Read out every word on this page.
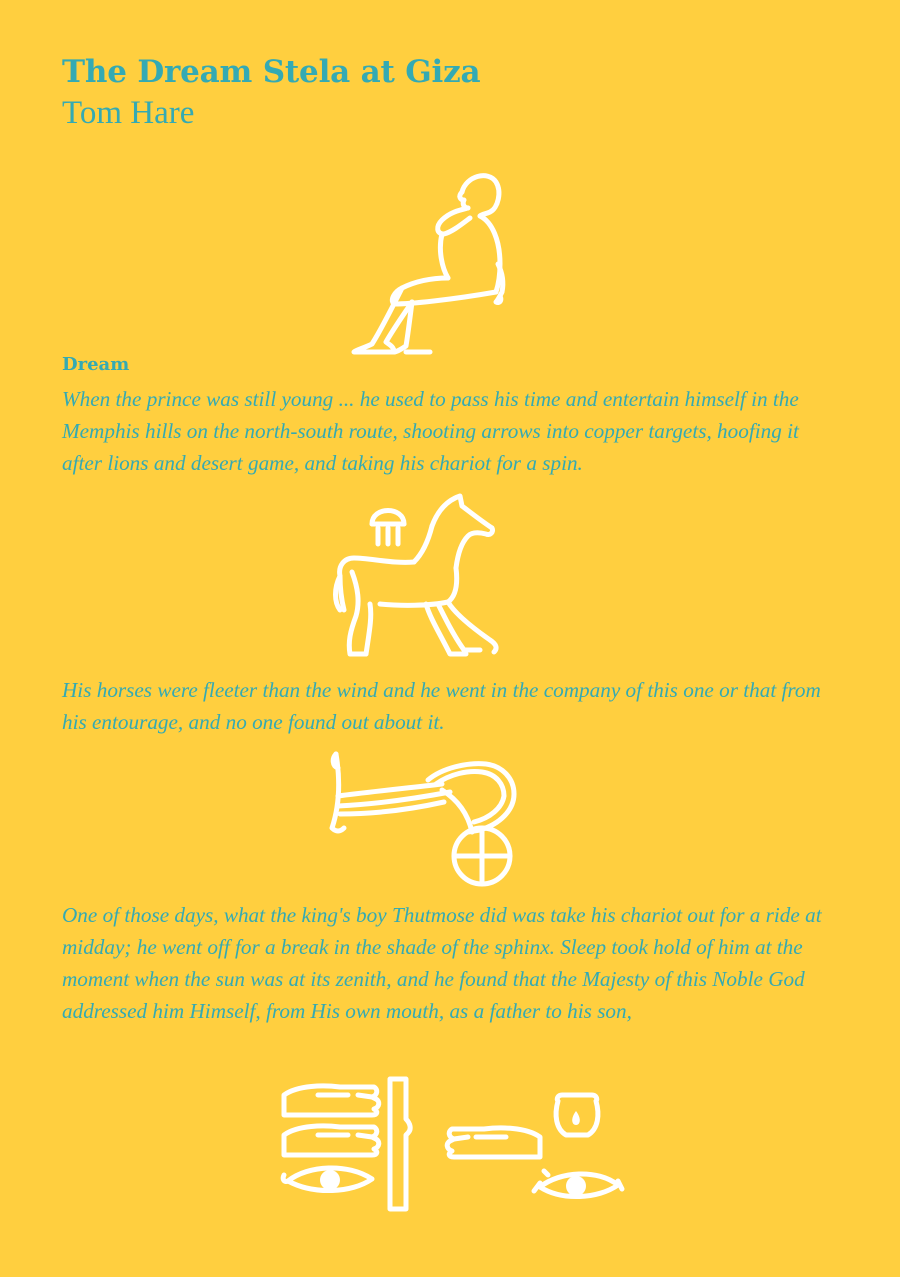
The Dream Stela at Giza
Tom Hare
Dream

When the prince was still young ... he used to pass his time and entertain himself in the Memphis hills on the north-south route, shooting arrows into copper targets, hoofing it after lions and desert game, and taking his chariot for a spin.

His horses were fleeter than the wind and he went in the company of this one or that from his entourage, and no one found out about it.

One of those days, what the king's boy Thutmose did was take his chariot out for a ride at midday; he went off for a break in the shade of the sphinx. Sleep took hold of him at the moment when the sun was at its zenith, and he found that the Majesty of this Noble God addressed him Himself, from His own mouth, as a father to his son,
